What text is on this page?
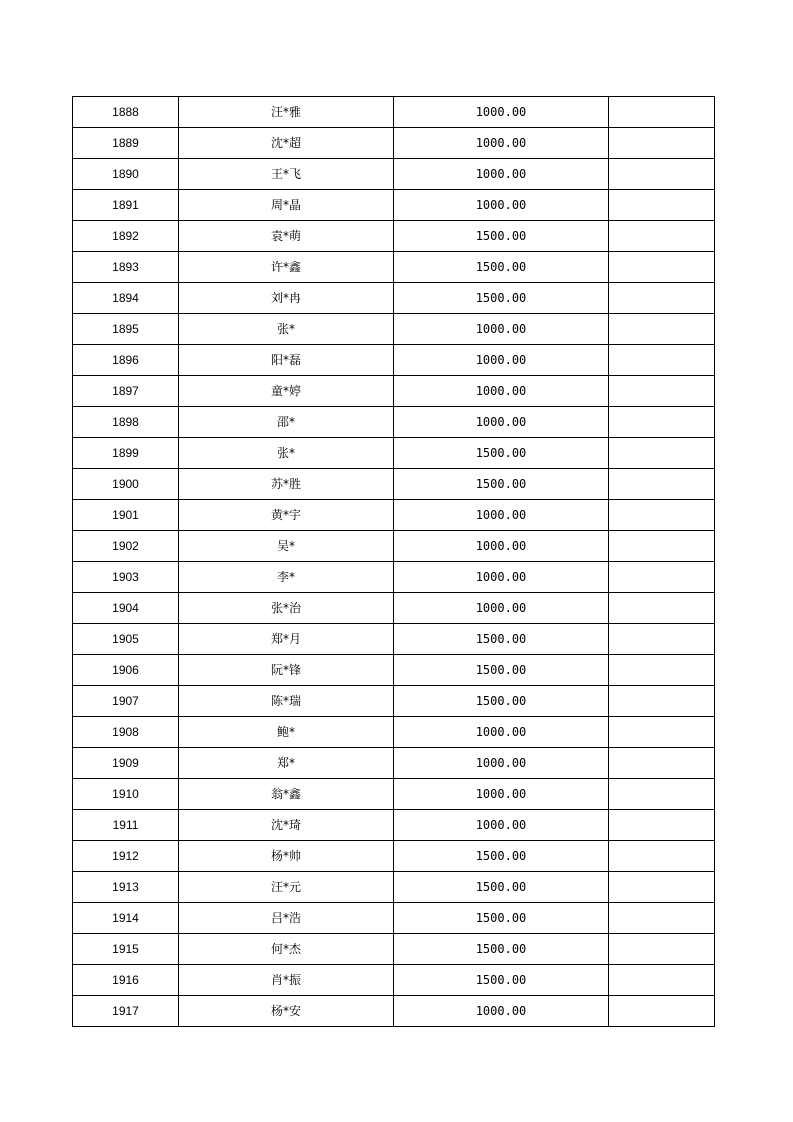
1888	汪*雅	1000.00	
1889	沈*超	1000.00	
1890	王*飞	1000.00	
1891	周*晶	1000.00	
1892	袁*萌	1500.00	
1893	许*鑫	1500.00	
1894	刘*冉	1500.00	
1895	张*	1000.00	
1896	阳*磊	1000.00	
1897	童*婷	1000.00	
1898	邵*	1000.00	
1899	张*	1500.00	
1900	苏*胜	1500.00	
1901	黄*宇	1000.00	
1902	吴*	1000.00	
1903	李*	1000.00	
1904	张*治	1000.00	
1905	郑*月	1500.00	
1906	阮*锋	1500.00	
1907	陈*瑞	1500.00	
1908	鲍*	1000.00	
1909	郑*	1000.00	
1910	翁*鑫	1000.00	
1911	沈*琦	1000.00	
1912	杨*帅	1500.00	
1913	汪*元	1500.00	
1914	吕*浩	1500.00	
1915	何*杰	1500.00	
1916	肖*振	1500.00	
1917	杨*安	1000.00	
